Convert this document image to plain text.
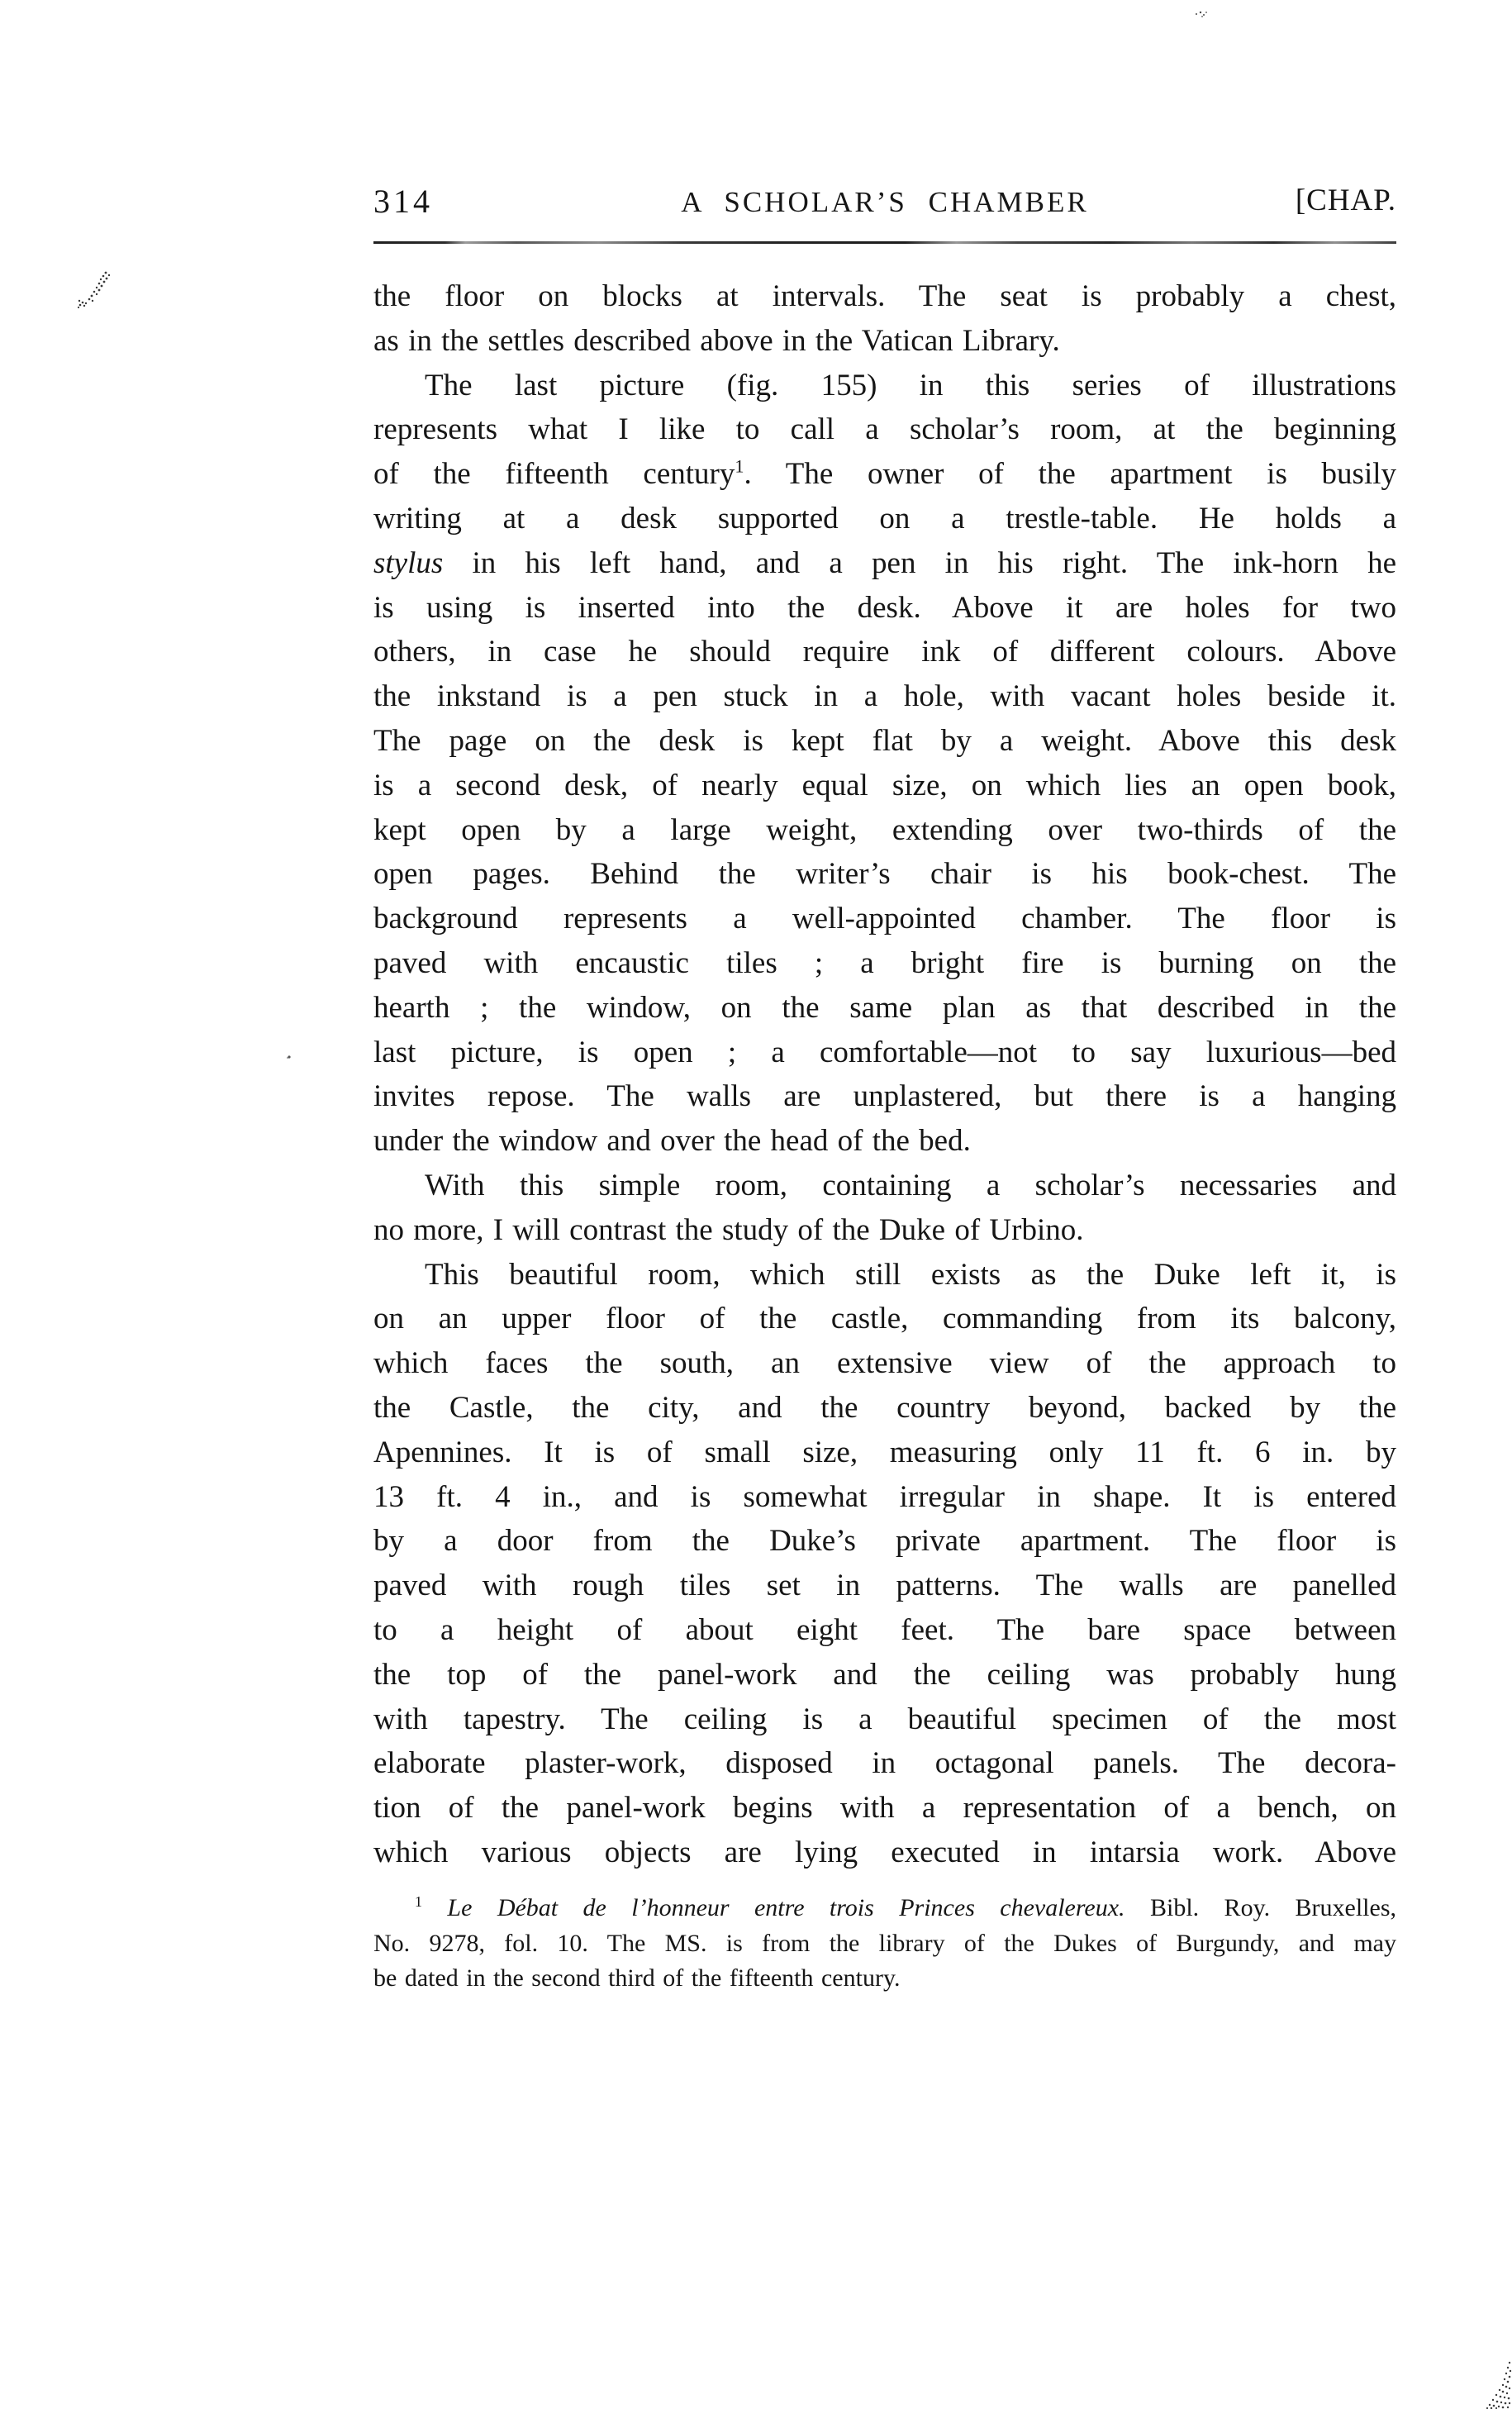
314	A SCHOLAR’S CHAMBER	[CHAP.
the floor on blocks at intervals. The seat is probably a chest,
as in the settles described above in the Vatican Library.
The last picture (fig. 155) in this series of illustrations
represents what I like to call a scholar’s room, at the beginning
of the fifteenth century$^1$. The owner of the apartment is busily
writing at a desk supported on a trestle-table. He holds a
stylus in his left hand, and a pen in his right. The ink-horn he
is using is inserted into the desk. Above it are holes for two
others, in case he should require ink of different colours. Above
the inkstand is a pen stuck in a hole, with vacant holes beside it.
The page on the desk is kept flat by a weight. Above this desk
is a second desk, of nearly equal size, on which lies an open book,
kept open by a large weight, extending over two-thirds of the
open pages. Behind the writer’s chair is his book-chest. The
background represents a well-appointed chamber. The floor is
paved with encaustic tiles ; a bright fire is burning on the
hearth ; the window, on the same plan as that described in the
last picture, is open ; a comfortable—not to say luxurious—bed
invites repose. The walls are unplastered, but there is a hanging
under the window and over the head of the bed.
With this simple room, containing a scholar’s necessaries and
no more, I will contrast the study of the Duke of Urbino.
This beautiful room, which still exists as the Duke left it, is
on an upper floor of the castle, commanding from its balcony,
which faces the south, an extensive view of the approach to
the Castle, the city, and the country beyond, backed by the
Apennines. It is of small size, measuring only 11 ft. 6 in. by
13 ft. 4 in., and is somewhat irregular in shape. It is entered
by a door from the Duke’s private apartment. The floor is
paved with rough tiles set in patterns. The walls are panelled
to a height of about eight feet. The bare space between
the top of the panel-work and the ceiling was probably hung
with tapestry. The ceiling is a beautiful specimen of the most
elaborate plaster-work, disposed in octagonal panels. The decora-
tion of the panel-work begins with a representation of a bench, on
which various objects are lying executed in intarsia work. Above
$^1$ Le Débat de l’honneur entre trois Princes chevalereux. Bibl. Roy. Bruxelles,
No. 9278, fol. 10. The MS. is from the library of the Dukes of Burgundy, and may
be dated in the second third of the fifteenth century.
